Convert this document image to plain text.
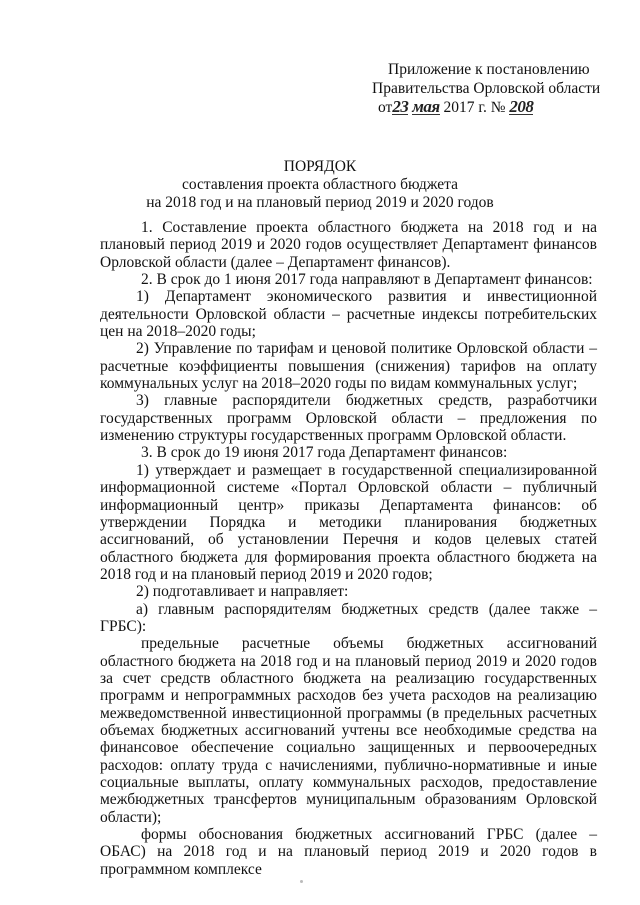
Приложение к постановлению
Правительства Орловской области
от23 мая 2017 г. № 208
ПОРЯДОК
составления проекта областного бюджета
на 2018 год и на плановый период 2019 и 2020 годов

1. Составление проекта областного бюджета на 2018 год и на плановый период 2019 и 2020 годов осуществляет Департамент финансов Орловской области (далее – Департамент финансов).

2. В срок до 1 июня 2017 года направляют в Департамент финансов:

1) Департамент экономического развития и инвестиционной деятельности Орловской области – расчетные индексы потребительских цен на 2018–2020 годы;

2) Управление по тарифам и ценовой политике Орловской области – расчетные коэффициенты повышения (снижения) тарифов на оплату коммунальных услуг на 2018–2020 годы по видам коммунальных услуг;

3) главные распорядители бюджетных средств, разработчики государственных программ Орловской области – предложения по изменению структуры государственных программ Орловской области.

3. В срок до 19 июня 2017 года Департамент финансов:

1) утверждает и размещает в государственной специализированной информационной системе «Портал Орловской области – публичный информационный центр» приказы Департамента финансов: об утверждении Порядка и методики планирования бюджетных ассигнований, об установлении Перечня и кодов целевых статей областного бюджета для формирования проекта областного бюджета на 2018 год и на плановый период 2019 и 2020 годов;

2) подготавливает и направляет:

а) главным распорядителям бюджетных средств (далее также – ГРБС):

предельные расчетные объемы бюджетных ассигнований областного бюджета на 2018 год и на плановый период 2019 и 2020 годов за счет средств областного бюджета на реализацию государственных программ и непрограммных расходов без учета расходов на реализацию межведомственной инвестиционной программы (в предельных расчетных объемах бюджетных ассигнований учтены все необходимые средства на финансовое обеспечение социально защищенных и первоочередных расходов: оплату труда с начислениями, публично-нормативные и иные социальные выплаты, оплату коммунальных расходов, предоставление межбюджетных трансфертов муниципальным образованиям Орловской области);

формы обоснования бюджетных ассигнований ГРБС (далее – ОБАС) на 2018 год и на плановый период 2019 и 2020 годов в программном комплексе
